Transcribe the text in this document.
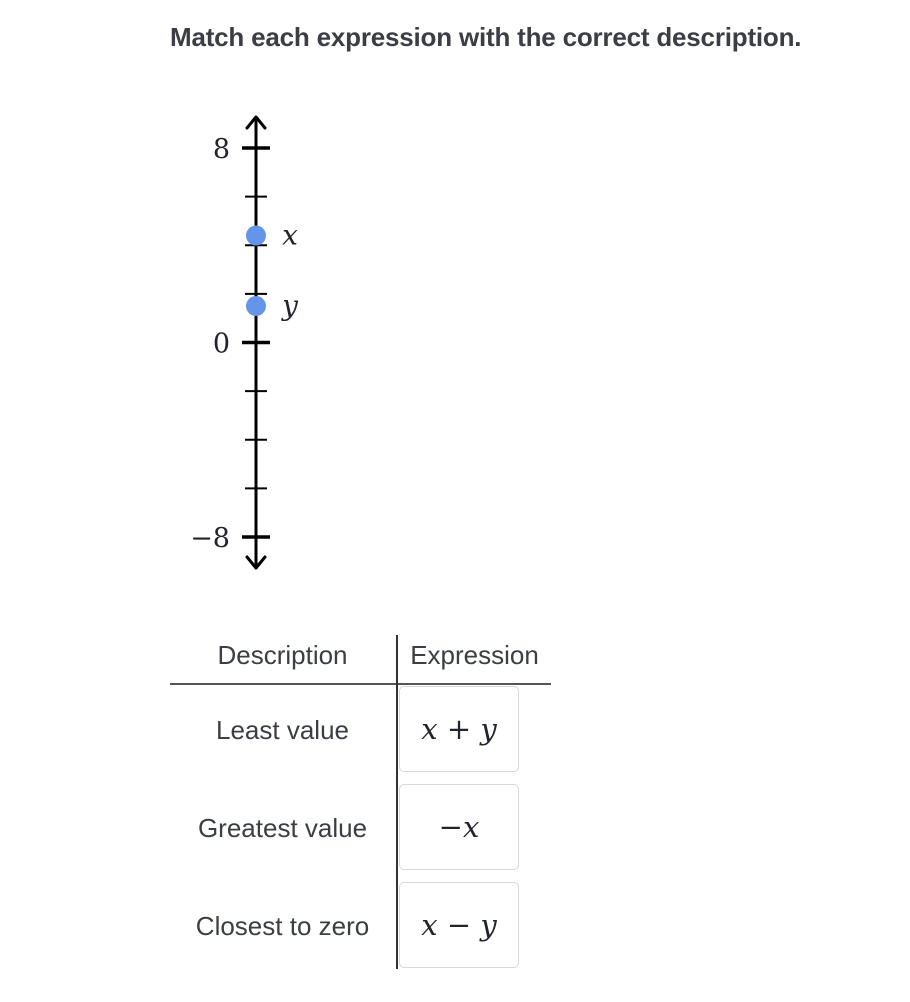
Match each expression with the correct description.
8
0
−8
x
y
Description	Expression
Least value
Greatest value
Closest to zero
x + y
−x
x − y
